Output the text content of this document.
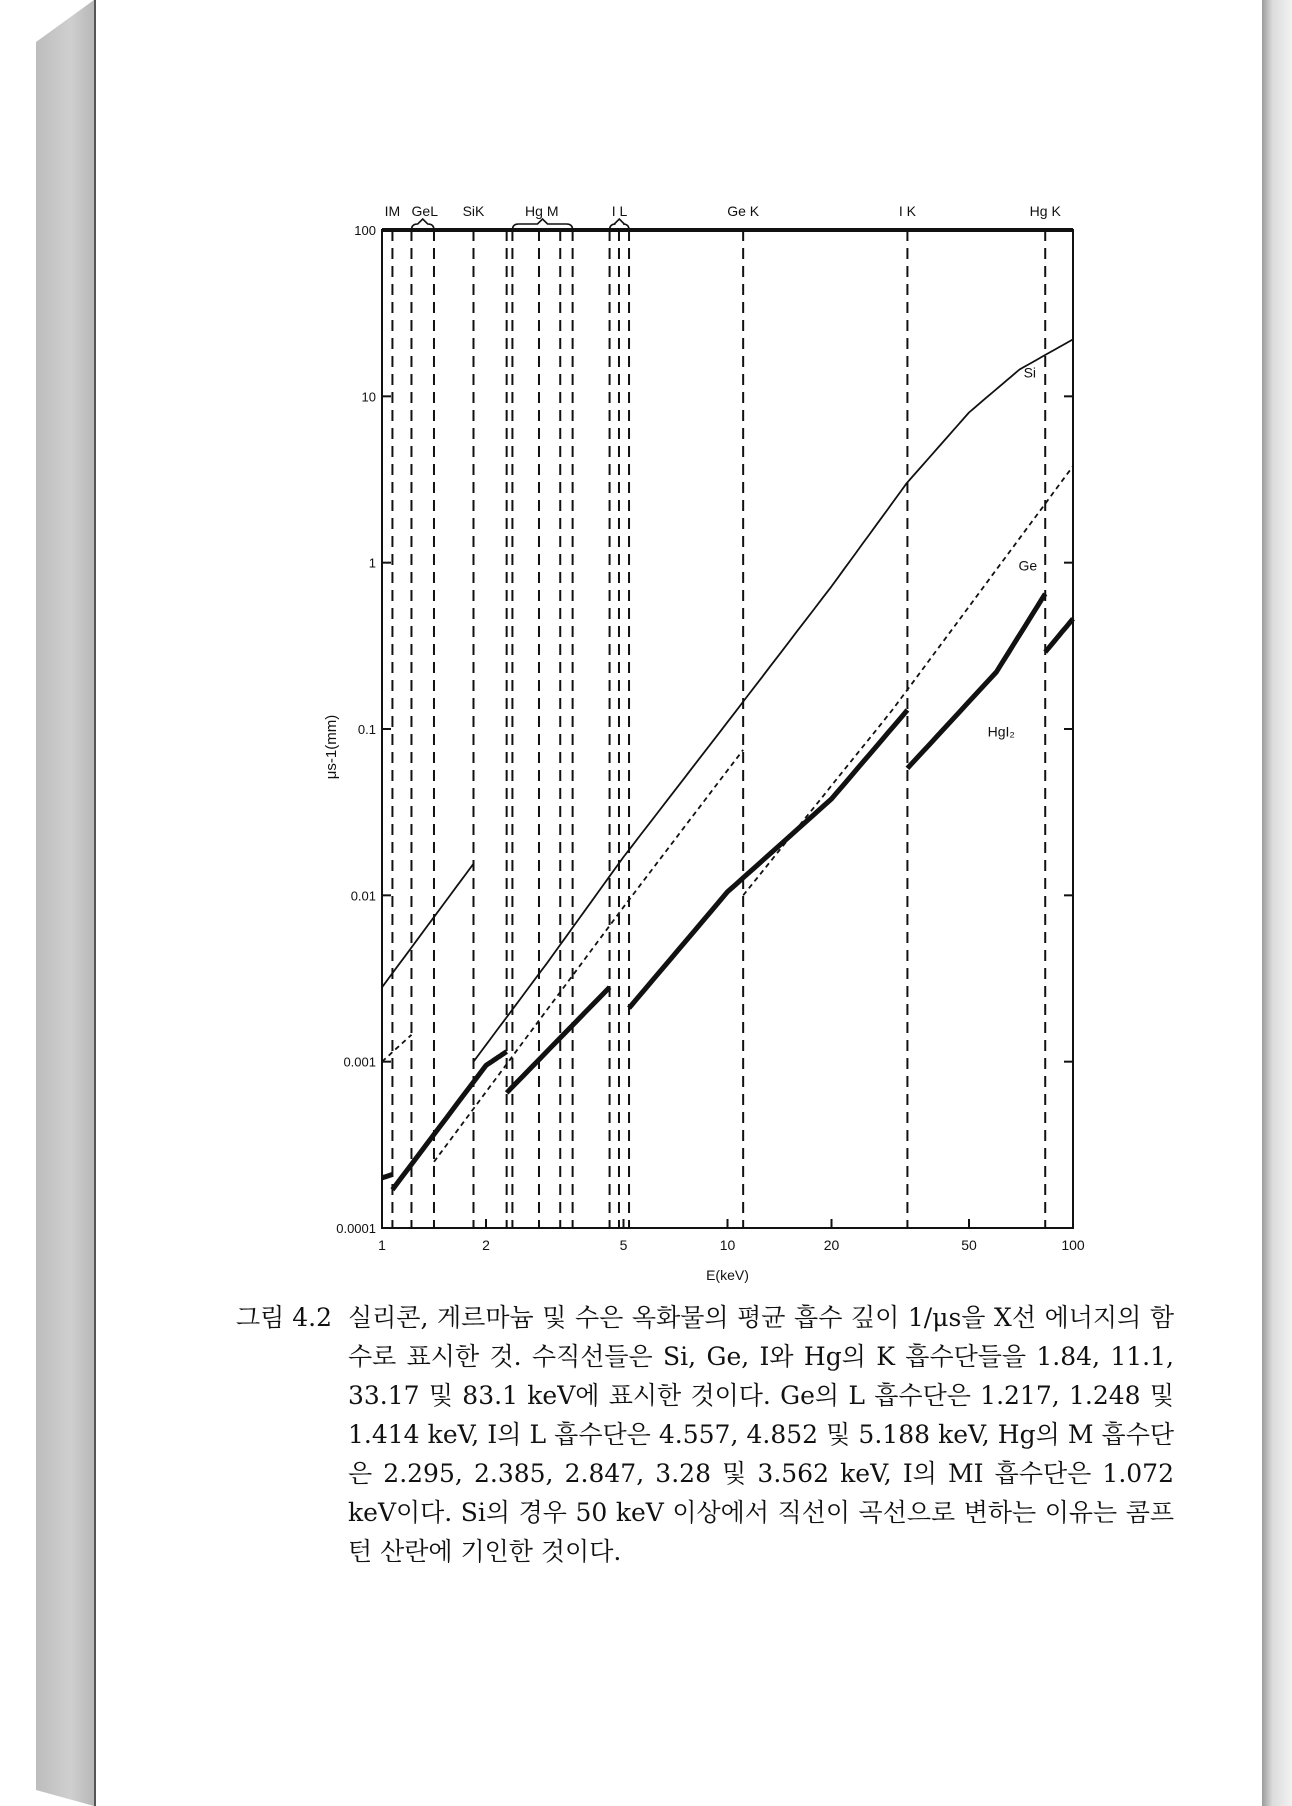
IM GeL SiK	Hg M	I L	Ge K	I K	Hg K
1	2	5	10	20	50	100
0.0001
0.001
0.01
0.1
1
10
100
E(keV)
μs-1(mm)
Si
Ge
HgI₂
그림 4.2 실리콘, 게르마늄 및 수은 옥화물의 평균 흡수 깊이 1/μs을 X선 에너지의 함수로 표시한 것. 수직선들은 Si, Ge, I와 Hg의 K 흡수단들을 1.84, 11.1, 33.17 및 83.1 keV에 표시한 것이다. Ge의 L 흡수단은 1.217, 1.248 및 1.414 keV, I의 L 흡수단은 4.557, 4.852 및 5.188 keV, Hg의 M 흡수단은 2.295, 2.385, 2.847, 3.28 및 3.562 keV, I의 MI 흡수단은 1.072 keV이다. Si의 경우 50 keV 이상에서 직선이 곡선으로 변하는 이유는 콤프턴 산란에 기인한 것이다.
